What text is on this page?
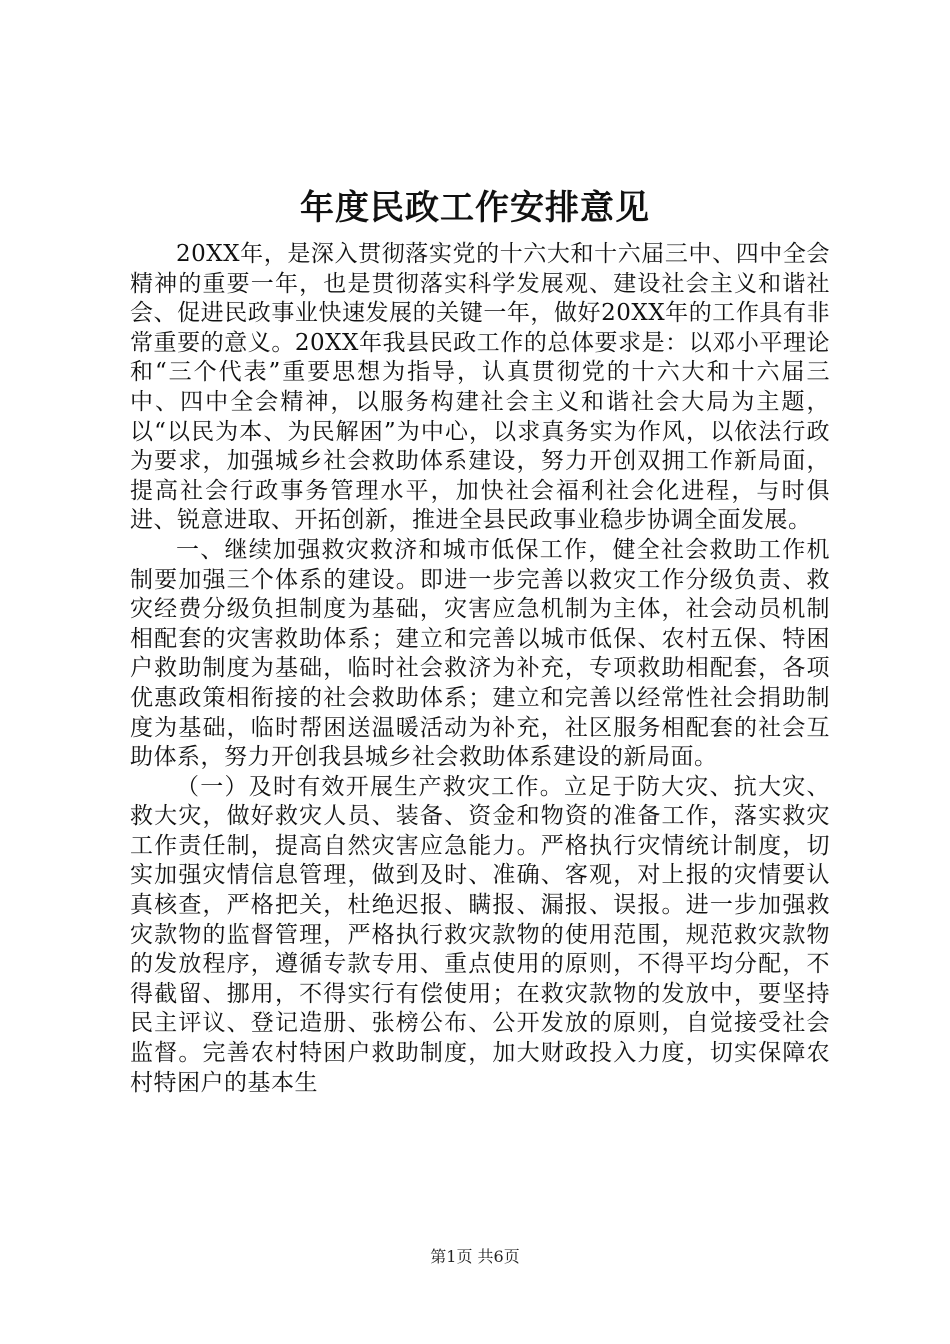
年度民政工作安排意见

20XX年，是深入贯彻落实党的十六大和十六届三中、四中全会精神的重要一年，也是贯彻落实科学发展观、建设社会主义和谐社会、促进民政事业快速发展的关键一年，做好20XX年的工作具有非常重要的意义。20XX年我县民政工作的总体要求是：以邓小平理论和“三个代表”重要思想为指导，认真贯彻党的十六大和十六届三中、四中全会精神，以服务构建社会主义和谐社会大局为主题，以“以民为本、为民解困”为中心，以求真务实为作风，以依法行政为要求，加强城乡社会救助体系建设，努力开创双拥工作新局面，提高社会行政事务管理水平，加快社会福利社会化进程，与时俱进、锐意进取、开拓创新，推进全县民政事业稳步协调全面发展。

一、继续加强救灾救济和城市低保工作，健全社会救助工作机制要加强三个体系的建设。即进一步完善以救灾工作分级负责、救灾经费分级负担制度为基础，灾害应急机制为主体，社会动员机制相配套的灾害救助体系；建立和完善以城市低保、农村五保、特困户救助制度为基础，临时社会救济为补充，专项救助相配套，各项优惠政策相衔接的社会救助体系；建立和完善以经常性社会捐助制度为基础，临时帮困送温暖活动为补充，社区服务相配套的社会互助体系，努力开创我县城乡社会救助体系建设的新局面。

（一）及时有效开展生产救灾工作。立足于防大灾、抗大灾、救大灾，做好救灾人员、装备、资金和物资的准备工作，落实救灾工作责任制，提高自然灾害应急能力。严格执行灾情统计制度，切实加强灾情信息管理，做到及时、准确、客观，对上报的灾情要认真核查，严格把关，杜绝迟报、瞒报、漏报、误报。进一步加强救灾款物的监督管理，严格执行救灾款物的使用范围，规范救灾款物的发放程序，遵循专款专用、重点使用的原则，不得平均分配，不得截留、挪用，不得实行有偿使用；在救灾款物的发放中，要坚持民主评议、登记造册、张榜公布、公开发放的原则，自觉接受社会监督。完善农村特困户救助制度，加大财政投入力度，切实保障农村特困户的基本生

第1页 共6页
